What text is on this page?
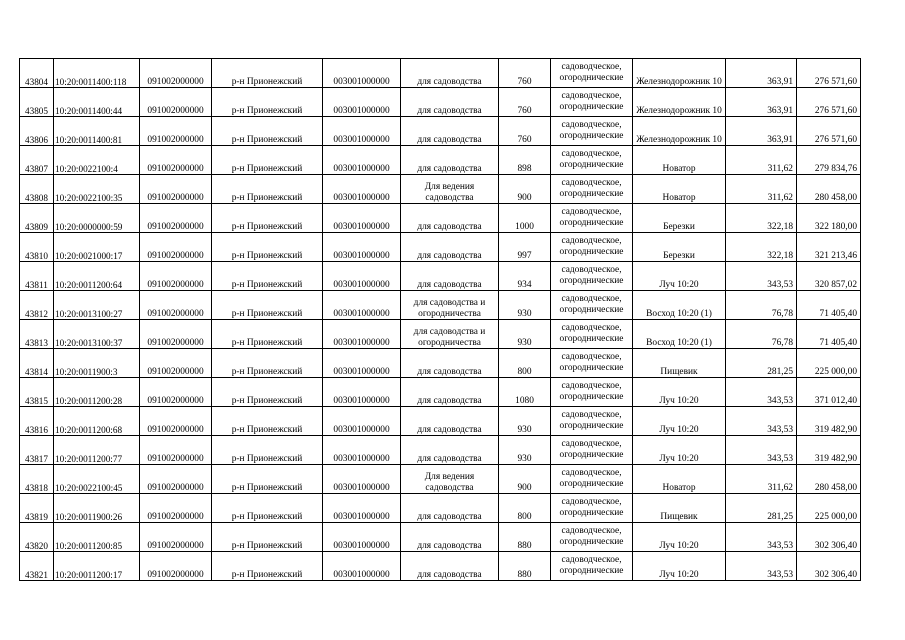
43804	10:20:0011400:118	091002000000	р-н Прионежский	003001000000	для садоводства	760	садоводческое, огороднические	Железнодорожник 10	363,91	276 571,60
43805	10:20:0011400:44	091002000000	р-н Прионежский	003001000000	для садоводства	760	садоводческое, огороднические	Железнодорожник 10	363,91	276 571,60
43806	10:20:0011400:81	091002000000	р-н Прионежский	003001000000	для садоводства	760	садоводческое, огороднические	Железнодорожник 10	363,91	276 571,60
43807	10:20:0022100:4	091002000000	р-н Прионежский	003001000000	для садоводства	898	садоводческое, огороднические	Новатор	311,62	279 834,76
43808	10:20:0022100:35	091002000000	р-н Прионежский	003001000000	Для ведения садоводства	900	садоводческое, огороднические	Новатор	311,62	280 458,00
43809	10:20:0000000:59	091002000000	р-н Прионежский	003001000000	для садоводства	1000	садоводческое, огороднические	Березки	322,18	322 180,00
43810	10:20:0021000:17	091002000000	р-н Прионежский	003001000000	для садоводства	997	садоводческое, огороднические	Березки	322,18	321 213,46
43811	10:20:0011200:64	091002000000	р-н Прионежский	003001000000	для садоводства	934	садоводческое, огороднические	Луч 10:20	343,53	320 857,02
43812	10:20:0013100:27	091002000000	р-н Прионежский	003001000000	для садоводства и огородничества	930	садоводческое, огороднические	Восход 10:20 (1)	76,78	71 405,40
43813	10:20:0013100:37	091002000000	р-н Прионежский	003001000000	для садоводства и огородничества	930	садоводческое, огороднические	Восход 10:20 (1)	76,78	71 405,40
43814	10:20:0011900:3	091002000000	р-н Прионежский	003001000000	для садоводства	800	садоводческое, огороднические	Пищевик	281,25	225 000,00
43815	10:20:0011200:28	091002000000	р-н Прионежский	003001000000	для садоводства	1080	садоводческое, огороднические	Луч 10:20	343,53	371 012,40
43816	10:20:0011200:68	091002000000	р-н Прионежский	003001000000	для садоводства	930	садоводческое, огороднические	Луч 10:20	343,53	319 482,90
43817	10:20:0011200:77	091002000000	р-н Прионежский	003001000000	для садоводства	930	садоводческое, огороднические	Луч 10:20	343,53	319 482,90
43818	10:20:0022100:45	091002000000	р-н Прионежский	003001000000	Для ведения садоводства	900	садоводческое, огороднические	Новатор	311,62	280 458,00
43819	10:20:0011900:26	091002000000	р-н Прионежский	003001000000	для садоводства	800	садоводческое, огороднические	Пищевик	281,25	225 000,00
43820	10:20:0011200:85	091002000000	р-н Прионежский	003001000000	для садоводства	880	садоводческое, огороднические	Луч 10:20	343,53	302 306,40
43821	10:20:0011200:17	091002000000	р-н Прионежский	003001000000	для садоводства	880	садоводческое, огороднические	Луч 10:20	343,53	302 306,40
